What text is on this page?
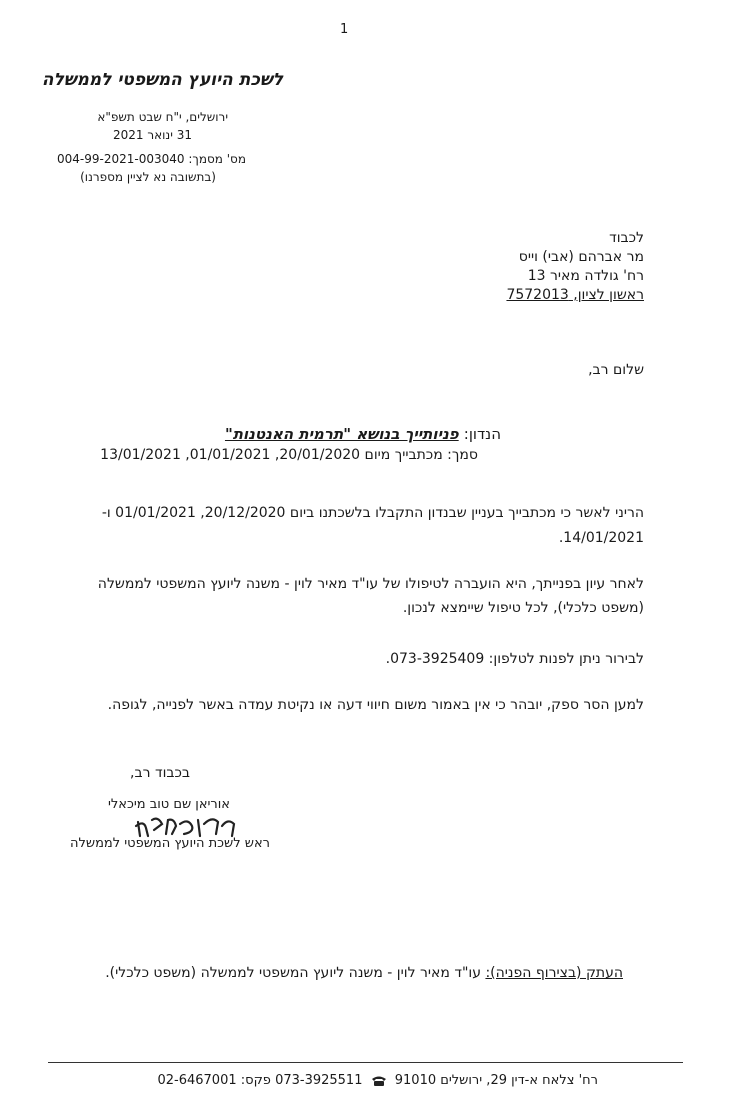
1
לשכת היועץ המשפטי לממשלה
ירושלים, י"ח שבט תשפ"א
31 ינואר 2021
מס' מסמך: 004-99-2021-003040
(בתשובה נא לציין מספרנו)
לכבוד
מר אברהם (אבי) וייס
רח' גולדה מאיר 13
ראשון לציון, 7572013
שלום רב,
הנדון: פניותייך בנושא "תרמית האנטנות"
סמך: מכתבייך מיום 20/01/2020, 01/01/2021, 13/01/2021
הריני לאשר כי מכתבייך בעניין שבנדון התקבלו בלשכתנו ביום 20/12/2020, 01/01/2021 ו-
14/01/2021.
לאחר עיון בפנייתך, היא הועברה לטיפולו של עו"ד מאיר לוין - משנה ליועץ המשפטי לממשלה
(משפט כלכלי), לכל טיפול שיימצא לנכון.
לבירור ניתן לפנות לטלפון: 073-3925409.
למען הסר ספק, יובהר כי אין באמור משום חיווי דעה או נקיטת עמדה באשר לפנייה, לגופה.
בכבוד רב,
אוריאן שם טוב מיכאלי
ראש לשכת היועץ המשפטי לממשלה
העתק (בצירוף הפניה): עו"ד מאיר לוין - משנה ליועץ המשפטי לממשלה (משפט כלכלי).
רח' צלאח א-דין 29, ירושלים 91010  073-3925511 פקס: 02-6467001
